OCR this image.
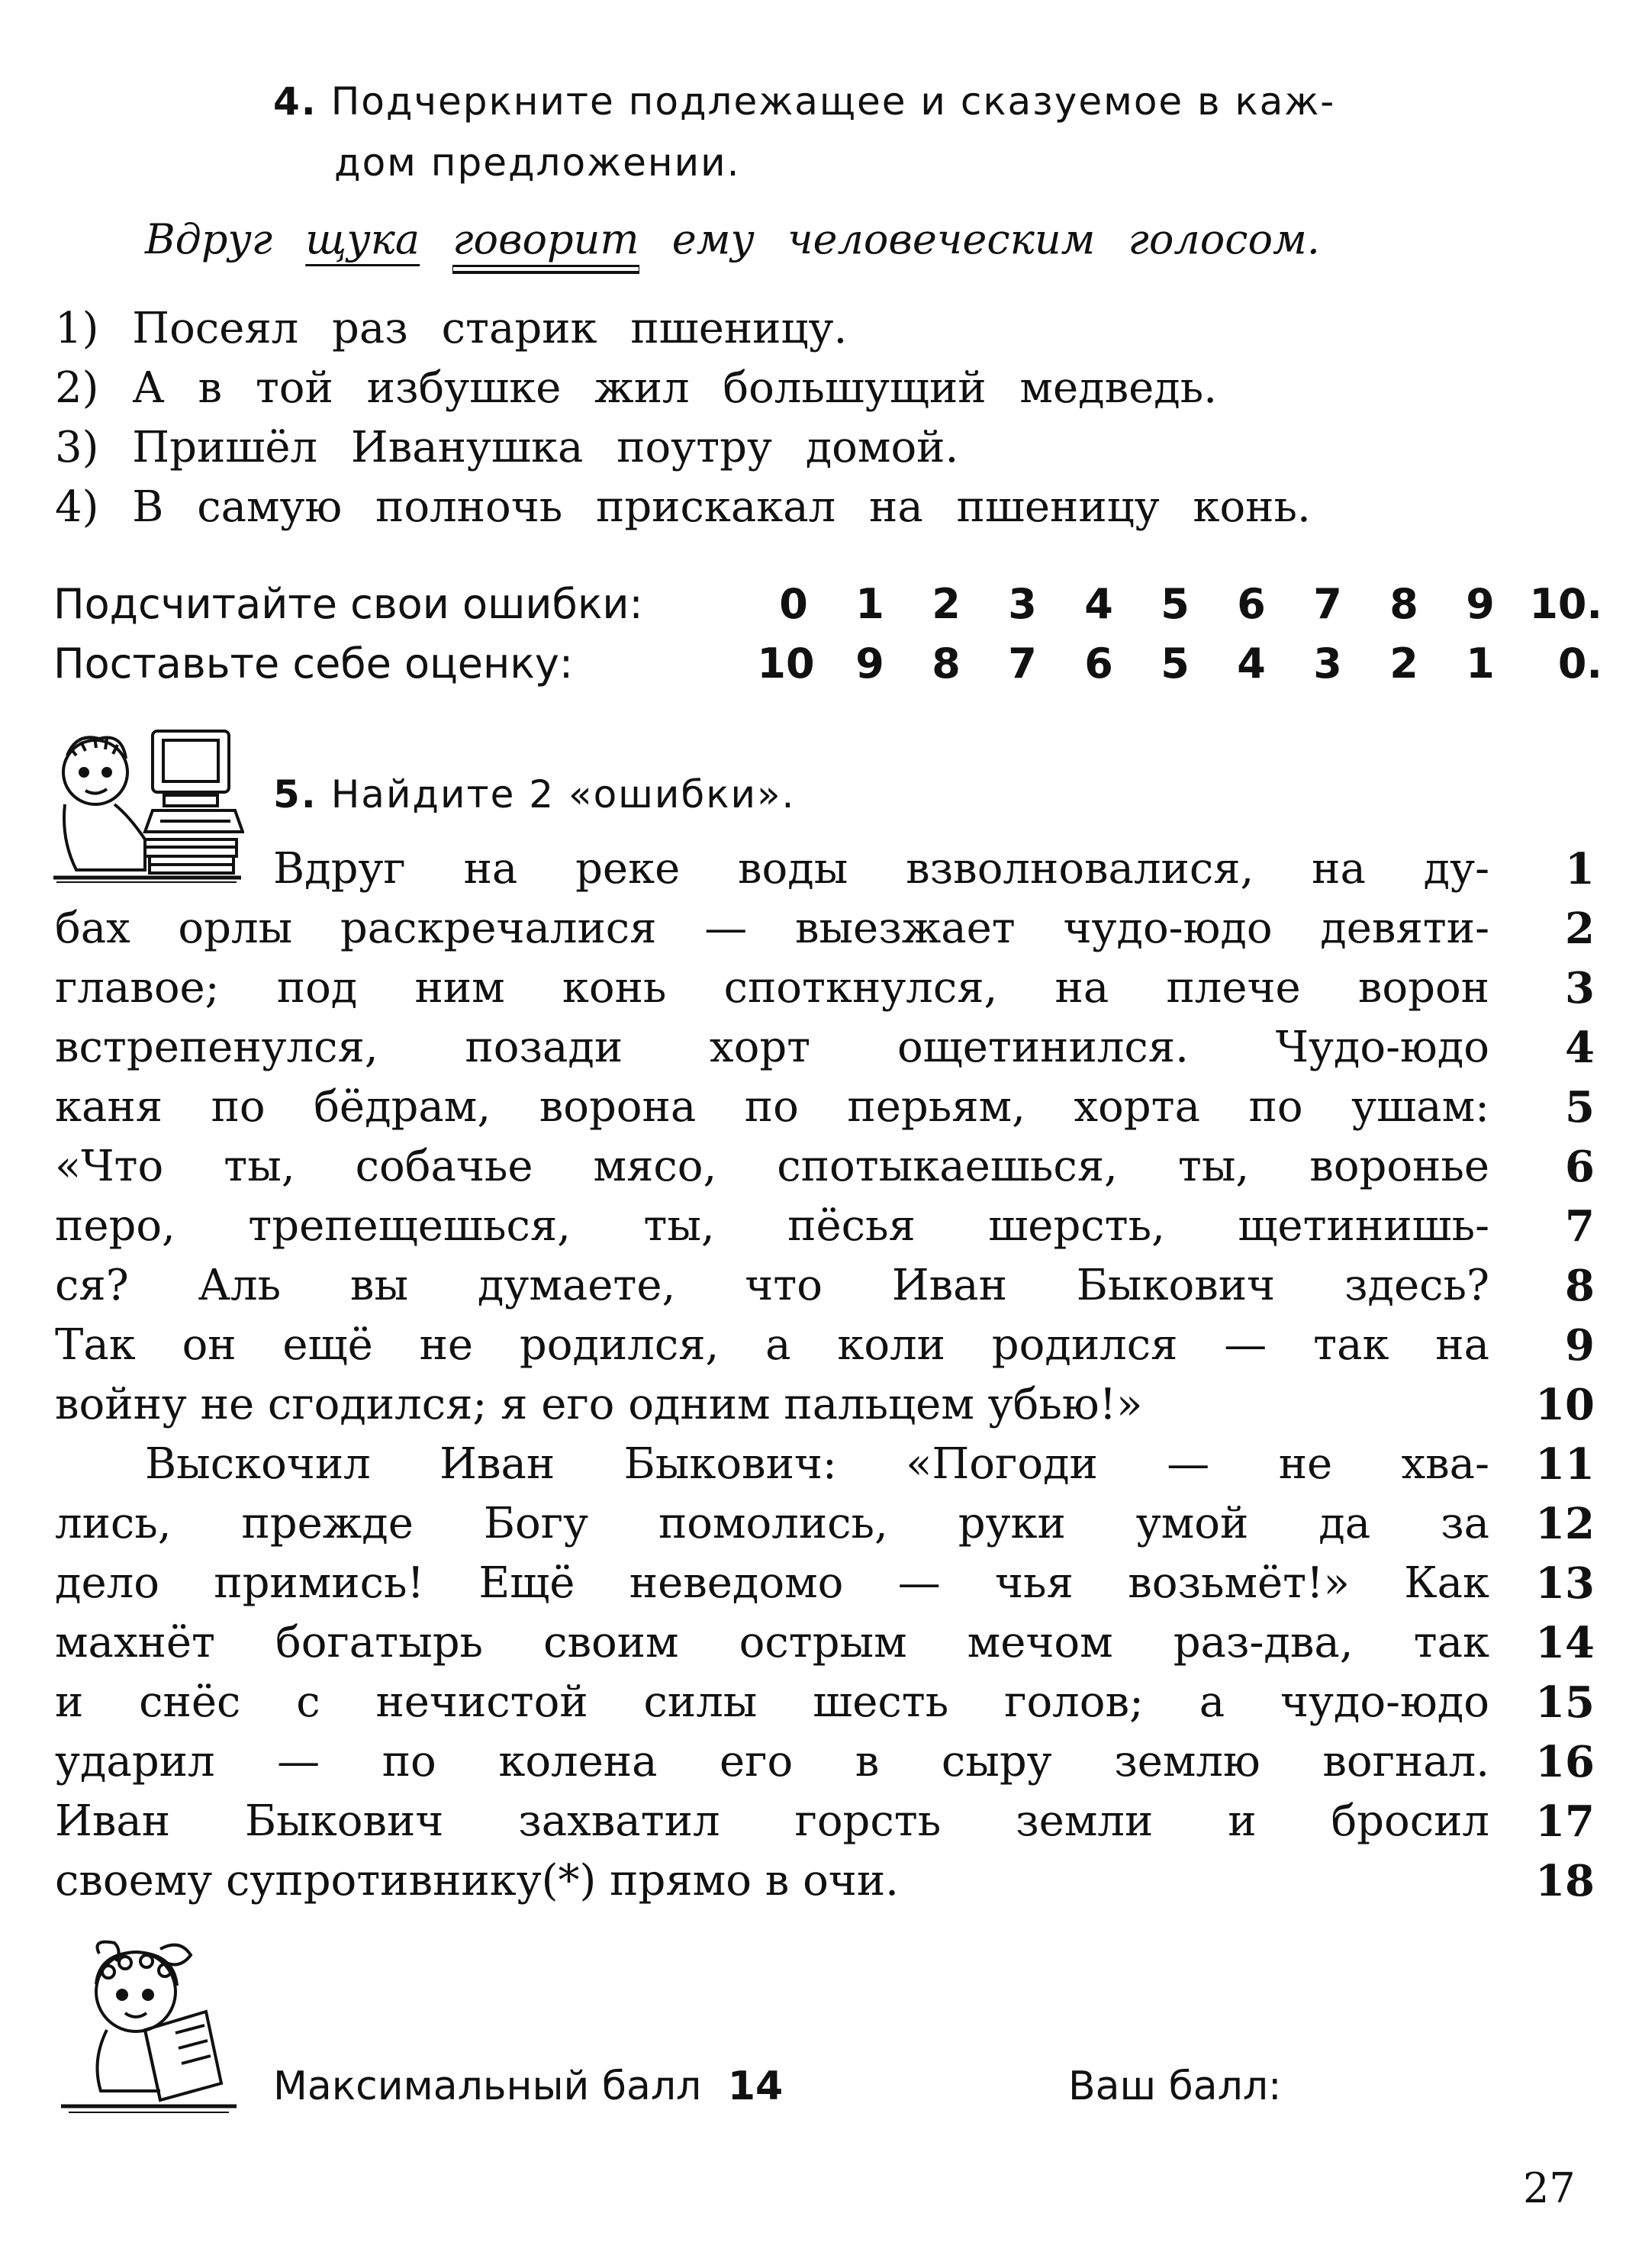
4. Подчеркните подлежащее и сказуемое в каж-
дом предложении.
Вдруг щука говорит ему человеческим голосом.
1) Посеял раз старик пшеницу.
2) А в той избушке жил большущий медведь.
3) Пришёл Иванушка поутру домой.
4) В самую полночь прискакал на пшеницу конь.
Подсчитайте свои ошибки:	0	1	2	3	4	5	6	7	8	9 10.
Поставьте себе оценку:	10 9	8	7	6	5	4	3	2	1	0.
5. Найдите 2 «ошибки».
Вдруг на реке воды взволновалися, на ду-	1
бах орлы раскречалися — выезжает чудо-юдо девяти-	2
главое; под ним конь споткнулся, на плече ворон	3
встрепенулся, позади хорт ощетинился. Чудо-юдо	4
каня по бёдрам, ворона по перьям, хорта по ушам:	5
«Что ты, собачье мясо, спотыкаешься, ты, воронье	6
перо, трепещешься, ты, пёсья шерсть, щетинишь-	7
ся? Аль вы думаете, что Иван Быкович здесь?	8
Так он ещё не родился, а коли родился — так на	9
войну не сгодился; я его одним пальцем убью!»	10
Выскочил Иван Быкович: «Погоди — не хва-	11
лись, прежде Богу помолись, руки умой да за	12
дело примись! Ещё неведомо — чья возьмёт!» Как	13
махнёт богатырь своим острым мечом раз-два, так	14
и снёс с нечистой силы шесть голов; а чудо-юдо	15
ударил — по колена его в сыру землю вогнал.	16
Иван Быкович захватил горсть земли и бросил	17
своему супротивнику(*) прямо в очи.	18
Максимальный балл 14	Ваш балл:
27
